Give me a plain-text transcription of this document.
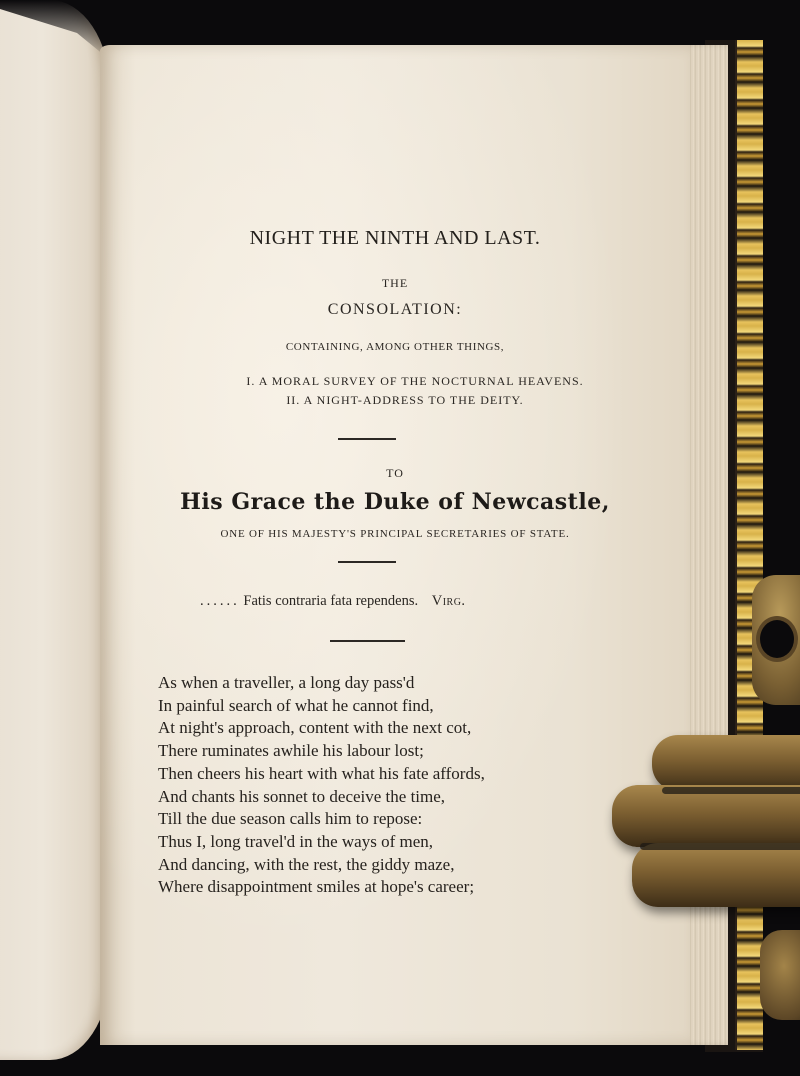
NIGHT THE NINTH AND LAST.
THE
CONSOLATION:
CONTAINING, AMONG OTHER THINGS,
I. A MORAL SURVEY OF THE NOCTURNAL HEAVENS.
II. A NIGHT-ADDRESS TO THE DEITY.
TO
His Grace the Duke of Newcastle,
ONE OF HIS MAJESTY'S PRINCIPAL SECRETARIES OF STATE.
...... Fatis contraria fata rependens. Virg.
As when a traveller, a long day pass'd
In painful search of what he cannot find,
At night's approach, content with the next cot,
There ruminates awhile his labour lost;
Then cheers his heart with what his fate affords,
And chants his sonnet to deceive the time,
Till the due season calls him to repose:
Thus I, long travel'd in the ways of men,
And dancing, with the rest, the giddy maze,
Where disappointment smiles at hope's career;
